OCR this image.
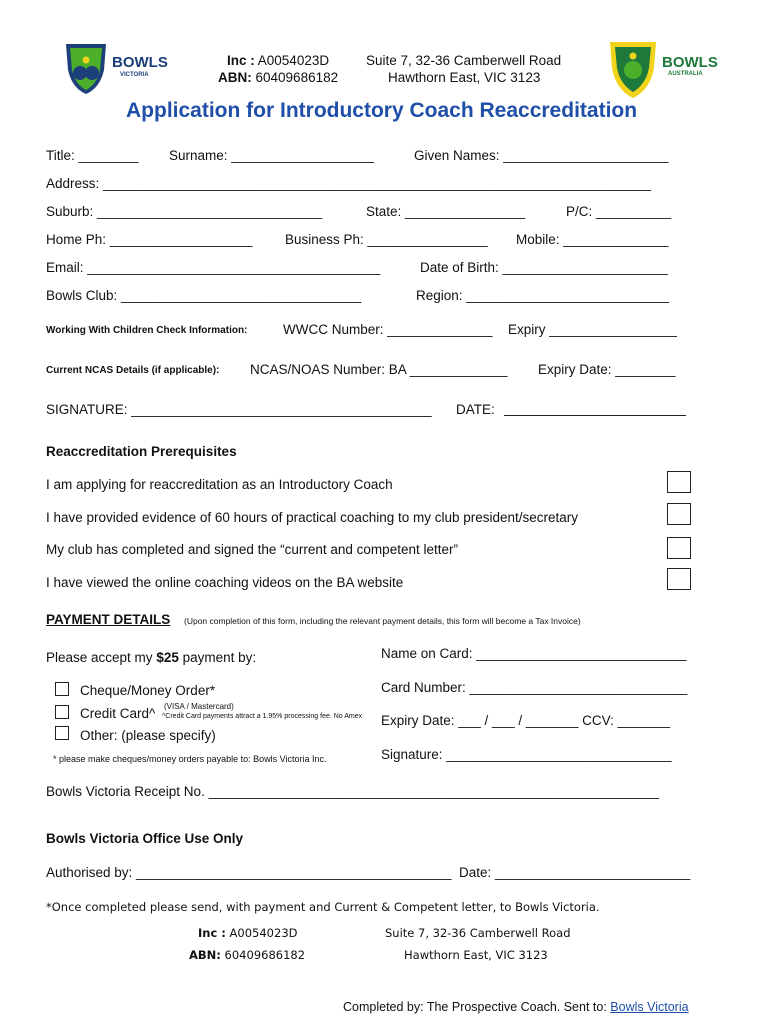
BOWLS
VICTORIA
Inc : A0054023D
ABN: 60409686182
Suite 7, 32-36 Camberwell Road
Hawthorn East, VIC 3123
BOWLS
AUSTRALIA
Application for Introductory Coach Reaccreditation
Title: ________ Surname: ___________________	Given Names: ______________________
Address: _________________________________________________________________________
Suburb: ______________________________	State: ________________	P/C: __________
Home Ph: ___________________ Business Ph: ________________ Mobile: ______________
Email: _______________________________________	Date of Birth: ______________________
Bowls Club: ________________________________	Region: ___________________________
Working With Children Check Information:	WWCC Number: ______________ Expiry _________________
Current NCAS Details (if applicable): NCAS/NOAS Number: BA _____________ Expiry Date: ________
SIGNATURE: ________________________________________ DATE:
Reaccreditation Prerequisites
I am applying for reaccreditation as an Introductory Coach
I have provided evidence of 60 hours of practical coaching to my club president/secretary
My club has completed and signed the “current and competent letter”
I have viewed the online coaching videos on the BA website
PAYMENT DETAILS (Upon completion of this form, including the relevant payment details, this form will become a Tax Invoice)
Please accept my $25 payment by:
Cheque/Money Order*
Credit Card^ (VISA / Mastercard)
^Credit Card payments attract a 1.95% processing fee. No Amex
Other: (please specify)
* please make cheques/money orders payable to: Bowls Victoria Inc.
Name on Card: ____________________________
Card Number: _____________________________
Expiry Date: ___ / ___ / _______ CCV: _______
Signature: ______________________________
Bowls Victoria Receipt No. ____________________________________________________________
Bowls Victoria Office Use Only
Authorised by: __________________________________________ Date: __________________________
*Once completed please send, with payment and Current & Competent letter, to Bowls Victoria.
Inc : A0054023D
ABN: 60409686182
Suite 7, 32-36 Camberwell Road
Hawthorn East, VIC 3123
Completed by: The Prospective Coach. Sent to: Bowls Victoria
